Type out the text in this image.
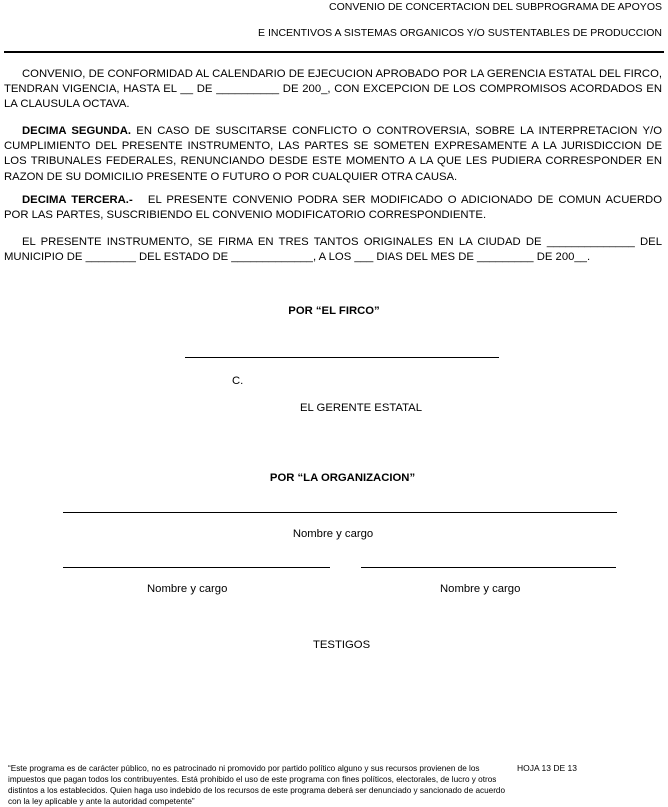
CONVENIO DE CONCERTACION DEL SUBPROGRAMA DE APOYOS
E INCENTIVOS A SISTEMAS ORGANICOS Y/O SUSTENTABLES DE PRODUCCION
CONVENIO, DE CONFORMIDAD AL CALENDARIO DE EJECUCION APROBADO POR LA GERENCIA ESTATAL DEL FIRCO, TENDRAN VIGENCIA, HASTA EL __ DE __________ DE 200_, CON EXCEPCION DE LOS COMPROMISOS ACORDADOS EN LA CLAUSULA OCTAVA.
DECIMA SEGUNDA. EN CASO DE SUSCITARSE CONFLICTO O CONTROVERSIA, SOBRE LA INTERPRETACION Y/O CUMPLIMIENTO DEL PRESENTE INSTRUMENTO, LAS PARTES SE SOMETEN EXPRESAMENTE A LA JURISDICCION DE LOS TRIBUNALES FEDERALES, RENUNCIANDO DESDE ESTE MOMENTO A LA QUE LES PUDIERA CORRESPONDER EN RAZON DE SU DOMICILIO PRESENTE O FUTURO O POR CUALQUIER OTRA CAUSA.
DECIMA TERCERA.- EL PRESENTE CONVENIO PODRA SER MODIFICADO O ADICIONADO DE COMUN ACUERDO POR LAS PARTES, SUSCRIBIENDO EL CONVENIO MODIFICATORIO CORRESPONDIENTE.
EL PRESENTE INSTRUMENTO, SE FIRMA EN TRES TANTOS ORIGINALES EN LA CIUDAD DE ______________ DEL MUNICIPIO DE ________ DEL ESTADO DE _____________, A LOS ___ DIAS DEL MES DE _________ DE 200__.
POR “EL FIRCO”
C.
EL GERENTE ESTATAL
POR “LA ORGANIZACION”
Nombre y cargo
Nombre y cargo	Nombre y cargo
TESTIGOS
“Este programa es de carácter público, no es patrocinado ni promovido por partido político alguno y sus recursos provienen de los impuestos que pagan todos los contribuyentes. Está prohibido el uso de este programa con fines políticos, electorales, de lucro y otros distintos a los establecidos. Quien haga uso indebido de los recursos de este programa deberá ser denunciado y sancionado de acuerdo con la ley aplicable y ante la autoridad competente”
HOJA 13 DE 13
